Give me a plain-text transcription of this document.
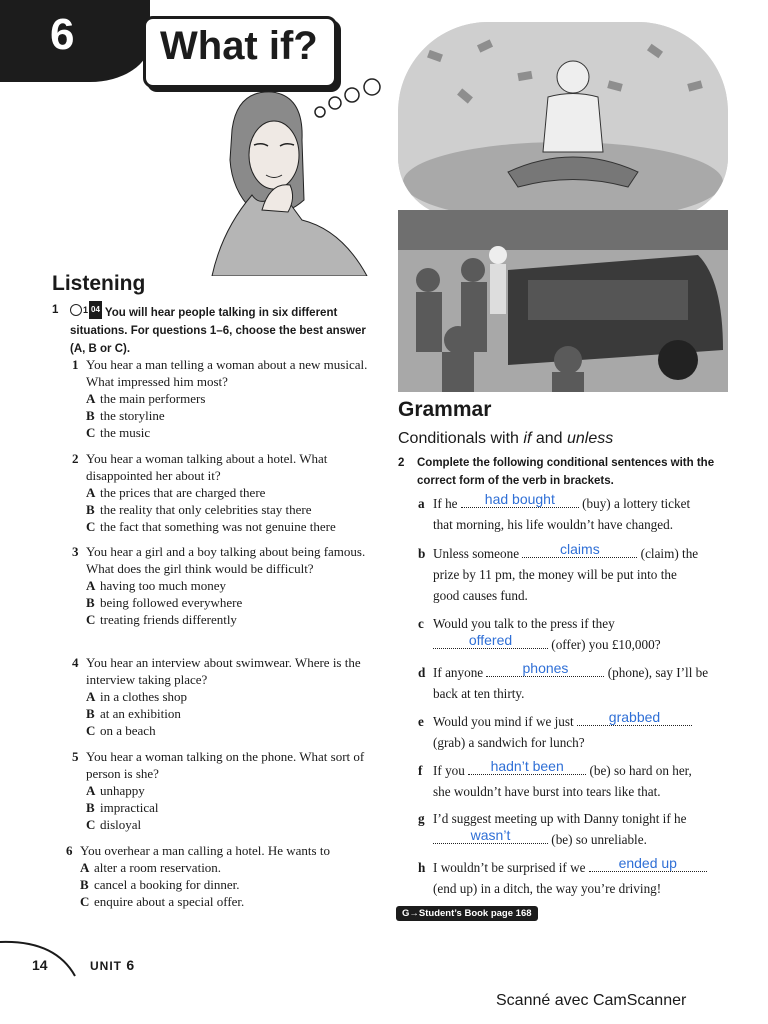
6 What if?
Listening
1	1 04 You will hear people talking in six different situations. For questions 1–6, choose the best answer (A, B or C).
1 You hear a man telling a woman about a new musical. What impressed him most?
A the main performers
B the storyline
C the music
2 You hear a woman talking about a hotel. What disappointed her about it?
A the prices that are charged there
B the reality that only celebrities stay there
C the fact that something was not genuine there
3 You hear a girl and a boy talking about being famous. What does the girl think would be difficult?
A having too much money
B being followed everywhere
C treating friends differently
4 You hear an interview about swimwear. Where is the interview taking place?
A in a clothes shop
B at an exhibition
C on a beach
5 You hear a woman talking on the phone. What sort of person is she?
A unhappy
B impractical
C disloyal
6 You overhear a man calling a hotel. He wants to
A alter a room reservation.
B cancel a booking for dinner.
C enquire about a special offer.
Grammar
Conditionals with if and unless
2 Complete the following conditional sentences with the correct form of the verb in brackets.
a If he had bought (buy) a lottery ticket
that morning, his life wouldn’t have changed.
b Unless someone	claims	(claim) the
prize by 11 pm, the money will be put into the
good causes fund.
c Would you talk to the press if they
offered	(offer) you £10,000?
d If anyone	phones	(phone), say I’ll be
back at ten thirty.
e Would you mind if we just	grabbed
(grab) a sandwich for lunch?
f If you hadn’t been (be) so hard on her,
she wouldn’t have burst into tears like that.
g I’d suggest meeting up with Danny tonight if he
wasn’t	(be) so unreliable.
h I wouldn’t be surprised if we ended up
(end up) in a ditch, the way you’re driving!
G→Student’s Book page 168
14	UNIT 6
Scanné avec CamScanner
